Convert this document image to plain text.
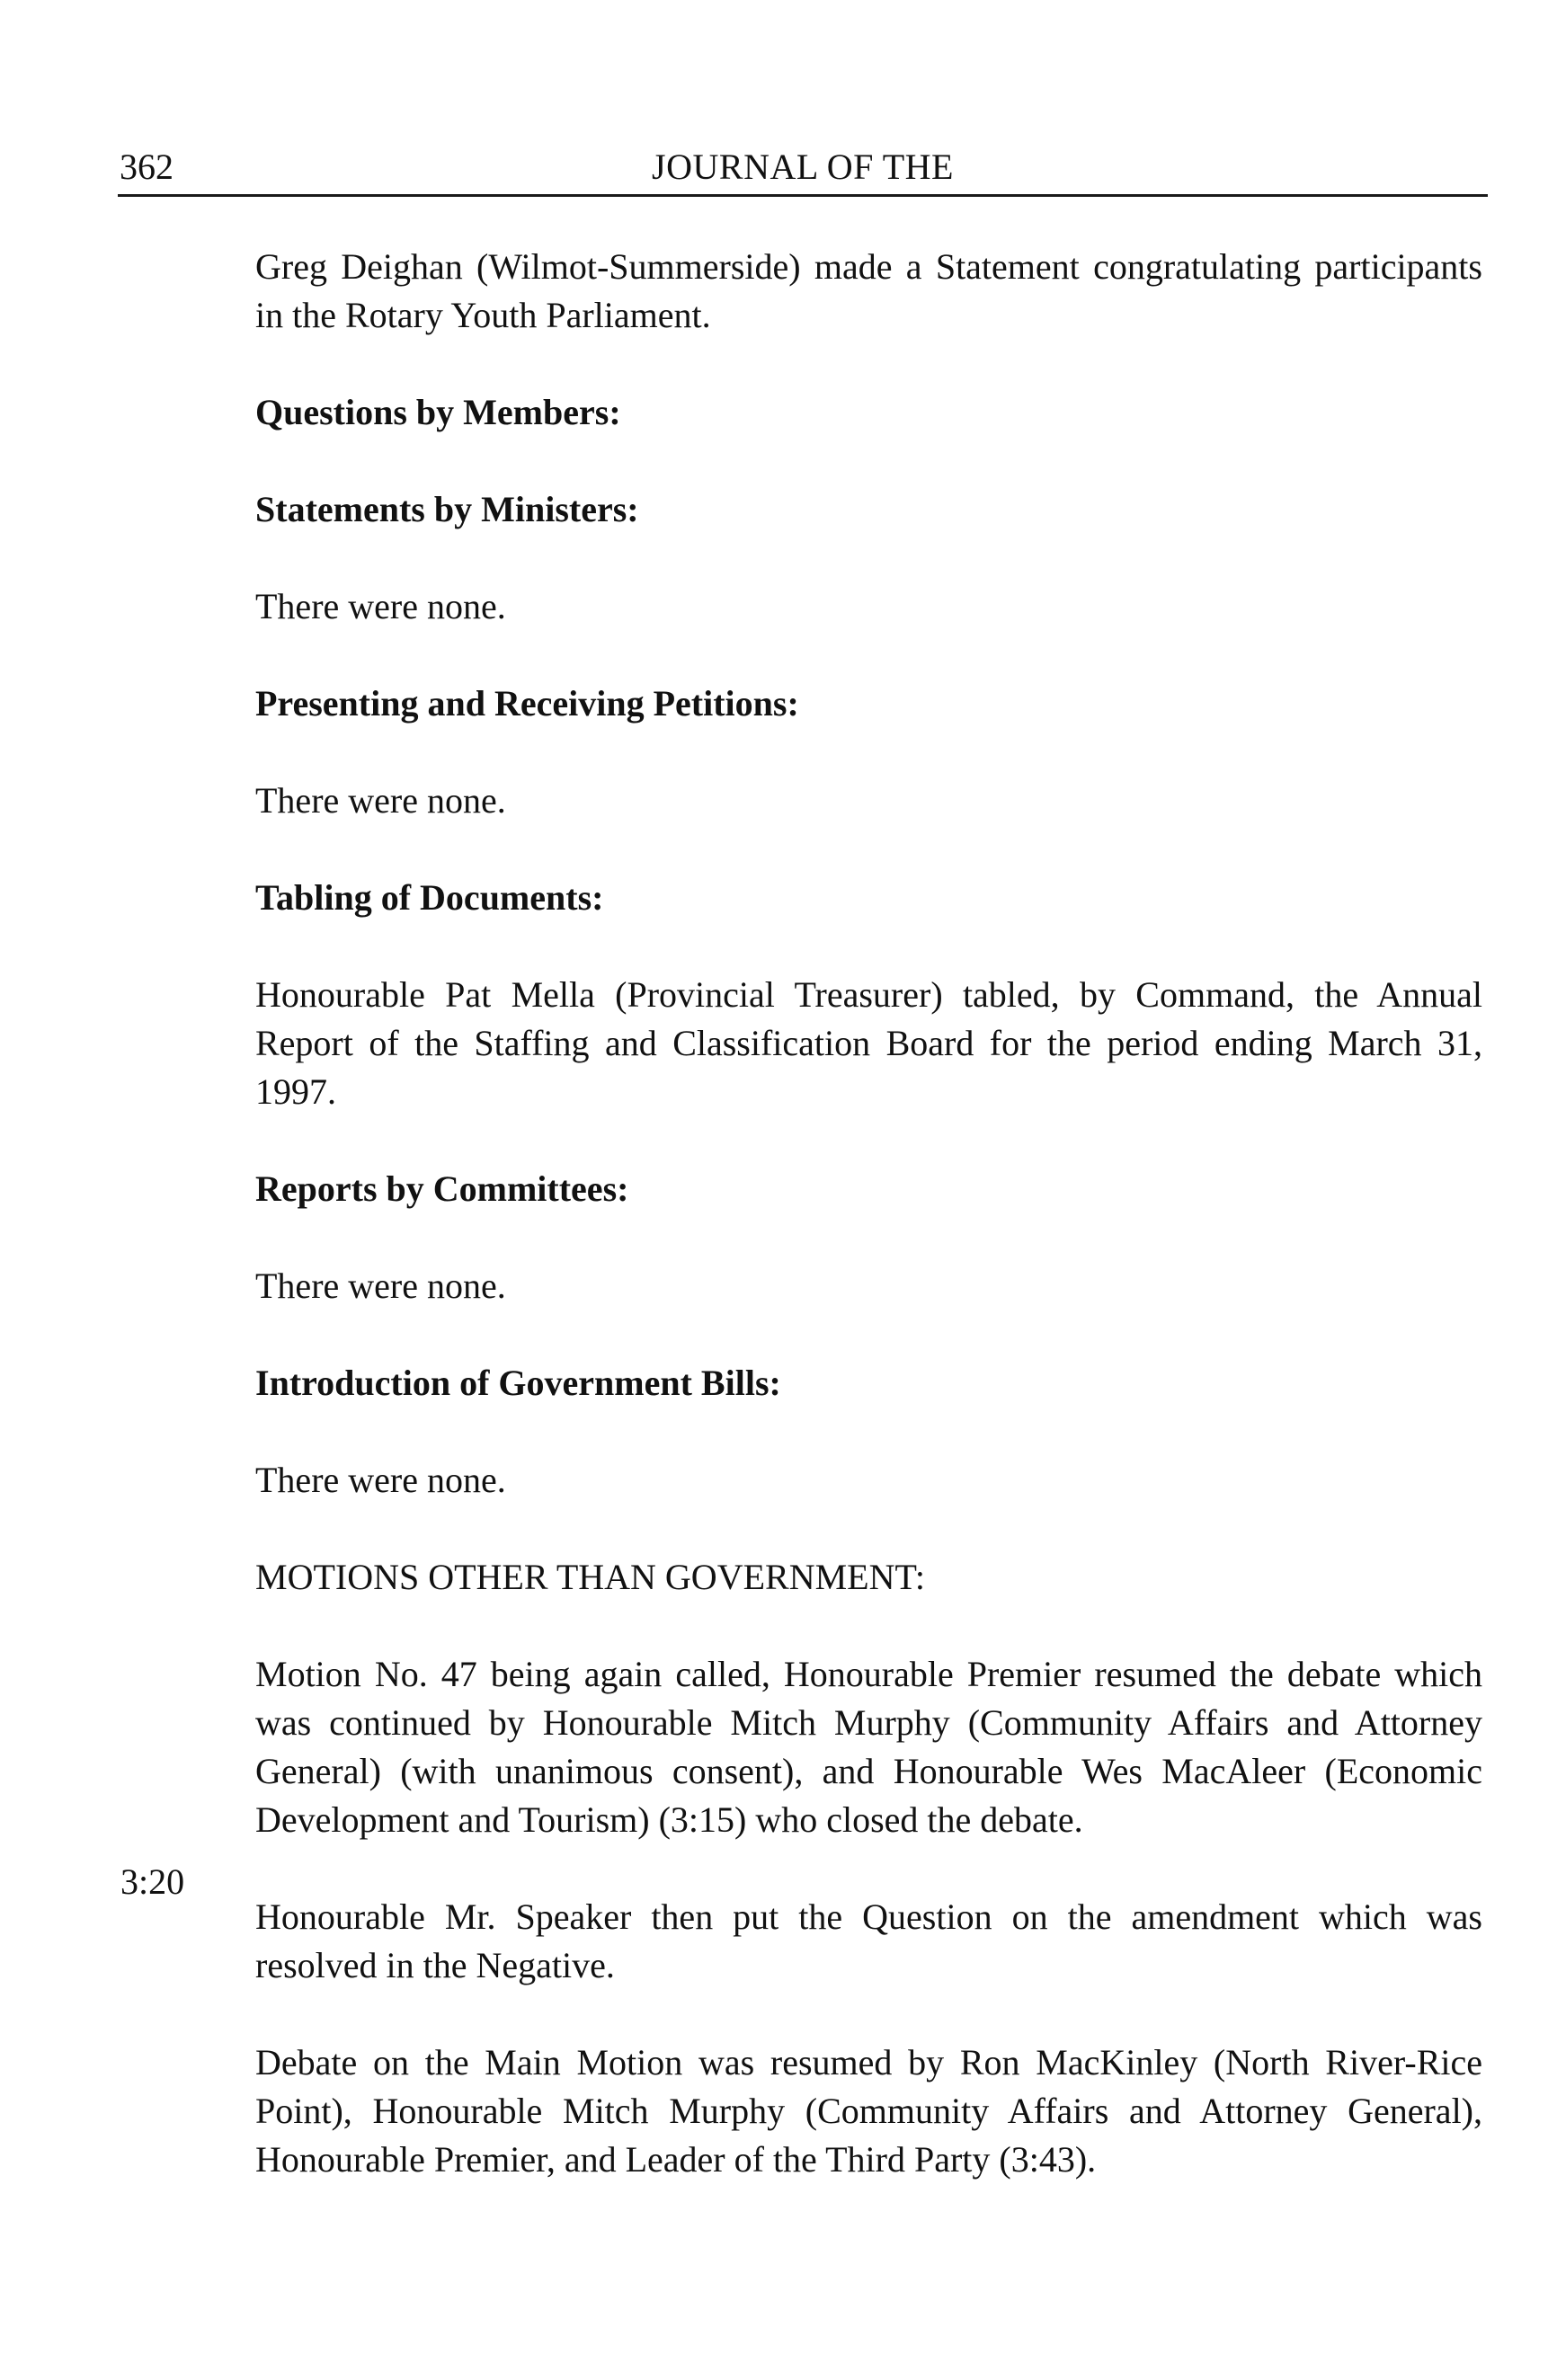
362	JOURNAL OF THE
3:20

Greg Deighan (Wilmot-Summerside) made a Statement congratulating participants in the Rotary Youth Parliament.

Questions by Members:

Statements by Ministers:

There were none.

Presenting and Receiving Petitions:

There were none.

Tabling of Documents:

Honourable Pat Mella (Provincial Treasurer) tabled, by Command, the Annual Report of the Staffing and Classification Board for the period ending March 31, 1997.

Reports by Committees:

There were none.

Introduction of Government Bills:

There were none.

MOTIONS OTHER THAN GOVERNMENT:

Motion No. 47 being again called, Honourable Premier resumed the debate which was continued by Honourable Mitch Murphy (Community Affairs and Attorney General) (with unanimous consent), and Honourable Wes MacAleer (Economic Development and Tourism) (3:15) who closed the debate.

Honourable Mr. Speaker then put the Question on the amendment which was resolved in the Negative.

Debate on the Main Motion was resumed by Ron MacKinley (North River-Rice Point), Honourable Mitch Murphy (Community Affairs and Attorney General), Honourable Premier, and Leader of the Third Party (3:43).
